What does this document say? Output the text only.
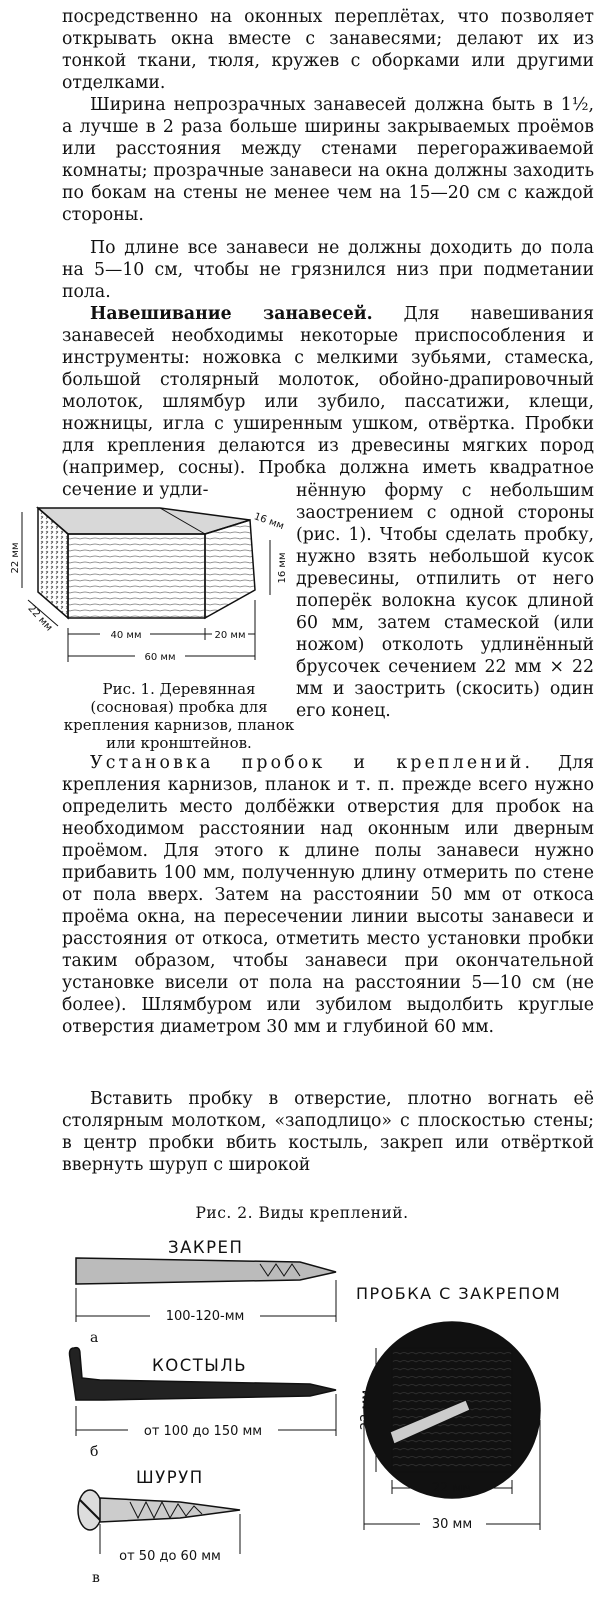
посредственно на оконных переплётах, что позволяет открывать окна вместе с занавесями; делают их из тонкой ткани, тюля, кружев с оборками или другими отделками.

Ширина непрозрачных занавесей должна быть в 1½, а лучше в 2 раза больше ширины закрываемых проёмов или расстояния между стенами перегораживаемой комнаты; прозрачные занавеси на окна должны заходить по бокам на стены не менее чем на 15—20 см с каждой стороны.

По длине все занавеси не должны доходить до пола на 5—10 см, чтобы не грязнился низ при подметании пола.

Навешивание занавесей. Для навешивания занавесей необходимы некоторые приспособления и инструменты: ножовка с мелкими зубьями, стамеска, большой столярный молоток, обойно-драпировочный молоток, шлямбур или зубило, пассатижи, клещи, ножницы, игла с уширенным ушком, отвёртка. Пробки для крепления делаются из древесины мягких пород (например, сосны). Пробка должна иметь квадратное сечение и удли-

22 мм
22 мм
16 мм
16 мм
40 мм	20 мм
60 мм
Рис. 1. Деревянная (сосновая) пробка для крепления карнизов, планок или кронштейнов.

нённую форму с небольшим заострением с одной стороны (рис. 1). Чтобы сделать пробку, нужно взять небольшой кусок древесины, отпилить от него поперёк волокна кусок длиной 60 мм, затем стамеской (или ножом) отколоть удлинённый брусочек сечением 22 мм × 22 мм и заострить (скосить) один его конец.

Установка пробок и креплений. Для крепления карнизов, планок и т. п. прежде всего нужно определить место долбёжки отверстия для пробок на необходимом расстоянии над оконным или дверным проёмом. Для этого к длине полы занавеси нужно прибавить 100 мм, полученную длину отмерить по стене от пола вверх. Затем на расстоянии 50 мм от откоса проёма окна, на пересечении линии высоты занавеси и расстояния от откоса, отметить место установки пробки таким образом, чтобы занавеси при окончательной установке висели от пола на расстоянии 5—10 см (не более). Шлямбуром или зубилом выдолбить круглые отверстия диаметром 30 мм и глубиной 60 мм.

Вставить пробку в отверстие, плотно вогнать её столярным молотком, «заподлицо» с плоскостью стены; в центр пробки вбить костыль, закреп или отвёрткой ввернуть шуруп с широкой

Рис. 2. Виды креплений.
ЗАКРЕП
КОСТЫЛЬ
ШУРУП
ПРОБКА С ЗАКРЕПОМ
а
б
в
100-120-мм
от 100 до 150 мм
от 50 до 60 мм
22 мм
22 мм
30 мм
